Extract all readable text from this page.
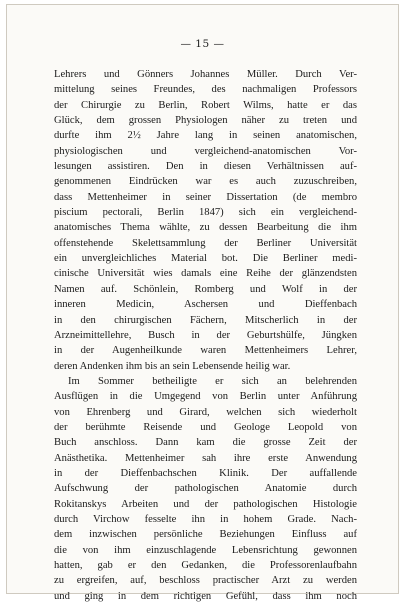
— 15 —
Lehrers und Gönners Johannes Müller. Durch Ver-
mittelung seines Freundes, des nachmaligen Professors
der Chirurgie zu Berlin, Robert Wilms, hatte er das
Glück, dem grossen Physiologen näher zu treten und
durfte ihm 2½ Jahre lang in seinen anatomischen,
physiologischen und vergleichend-anatomischen Vor-
lesungen assistiren. Den in diesen Verhältnissen auf-
genommenen Eindrücken war es auch zuzuschreiben,
dass Mettenheimer in seiner Dissertation (de membro
piscium pectorali, Berlin 1847) sich ein vergleichend-
anatomisches Thema wählte, zu dessen Bearbeitung die ihm
offenstehende Skelettsammlung der Berliner Universität
ein unvergleichliches Material bot. Die Berliner medi-
cinische Universität wies damals eine Reihe der glänzendsten
Namen auf. Schönlein, Romberg und Wolf in der
inneren Medicin, Aschersen und Dieffenbach
in den chirurgischen Fächern, Mitscherlich in der
Arzneimittellehre, Busch in der Geburtshülfe, Jüngken
in der Augenheilkunde waren Mettenheimers Lehrer,
deren Andenken ihm bis an sein Lebensende heilig war.
Im Sommer betheiligte er sich an belehrenden
Ausflügen in die Umgegend von Berlin unter Anführung
von Ehrenberg und Girard, welchen sich wiederholt
der berühmte Reisende und Geologe Leopold von
Buch anschloss. Dann kam die grosse Zeit der
Anästhetika. Mettenheimer sah ihre erste Anwendung
in der Dieffenbachschen Klinik. Der auffallende
Aufschwung der pathologischen Anatomie durch
Rokitanskys Arbeiten und der pathologischen Histologie
durch Virchow fesselte ihn in hohem Grade. Nach-
dem inzwischen persönliche Beziehungen Einfluss auf
die von ihm einzuschlagende Lebensrichtung gewonnen
hatten, gab er den Gedanken, die Professorenlaufbahn
zu ergreifen, auf, beschloss practischer Arzt zu werden
und ging in dem richtigen Gefühl, dass ihm noch
